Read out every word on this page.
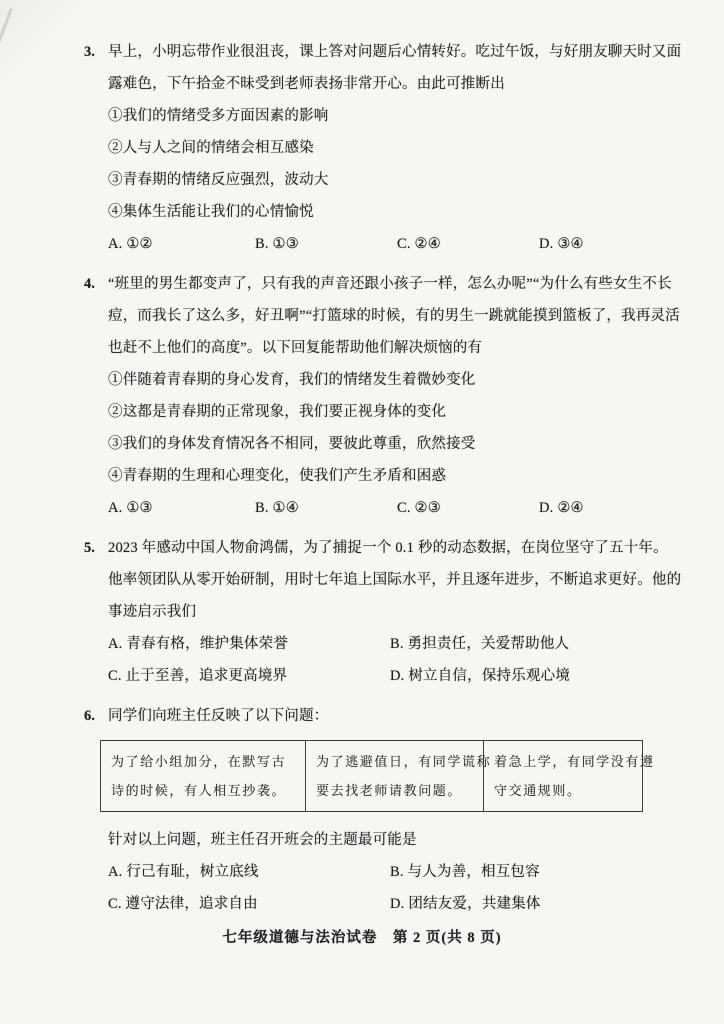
3. 早上，小明忘带作业很沮丧，课上答对问题后心情转好。吃过午饭，与好朋友聊天时又面
露难色，下午拾金不昧受到老师表扬非常开心。由此可推断出
①我们的情绪受多方面因素的影响
②人与人之间的情绪会相互感染
③青春期的情绪反应强烈，波动大
④集体生活能让我们的心情愉悦
A. ①②	B. ①③	C. ②④	D. ③④
4. “班里的男生都变声了，只有我的声音还跟小孩子一样，怎么办呢”“为什么有些女生不长
痘，而我长了这么多，好丑啊”“打篮球的时候，有的男生一跳就能摸到篮板了，我再灵活
也赶不上他们的高度”。以下回复能帮助他们解决烦恼的有
①伴随着青春期的身心发育，我们的情绪发生着微妙变化
②这都是青春期的正常现象，我们要正视身体的变化
③我们的身体发育情况各不相同，要彼此尊重，欣然接受
④青春期的生理和心理变化，使我们产生矛盾和困惑
A. ①③	B. ①④	C. ②③	D. ②④
5. 2023 年感动中国人物俞鸿儒，为了捕捉一个 0.1 秒的动态数据，在岗位坚守了五十年。
他率领团队从零开始研制，用时七年追上国际水平，并且逐年进步，不断追求更好。他的
事迹启示我们
A. 青春有格，维护集体荣誉	B. 勇担责任，关爱帮助他人
C. 止于至善，追求更高境界	D. 树立自信，保持乐观心境
6. 同学们向班主任反映了以下问题：
为了给小组加分，在默写古
诗的时候，有人相互抄袭。

为了逃避值日，有同学谎称
要去找老师请教问题。

着急上学，有同学没有遵
守交通规则。
针对以上问题，班主任召开班会的主题最可能是
A. 行己有耻，树立底线	B. 与人为善，相互包容
C. 遵守法律，追求自由	D. 团结友爱，共建集体
七年级道德与法治试卷　第 2 页(共 8 页)
